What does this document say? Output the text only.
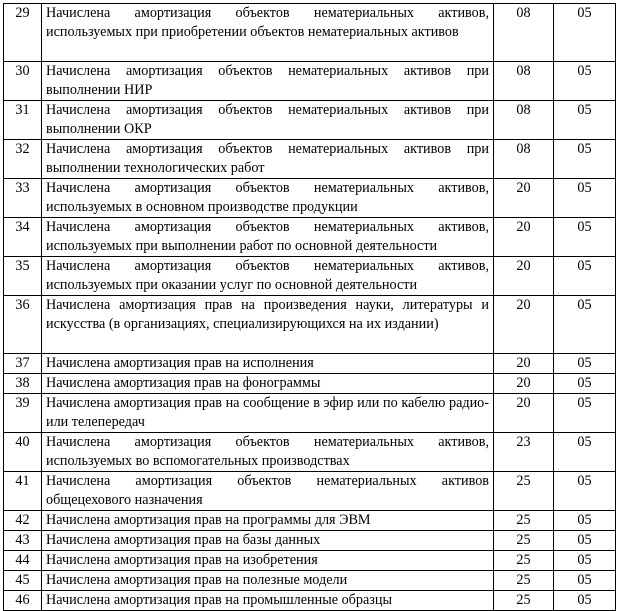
29	Начислена амортизация объектов нематериальных активов, используемых при приобретении объектов нематериальных активов	08	05
30	Начислена амортизация объектов нематериальных активов при выполнении НИР	08	05
31	Начислена амортизация объектов нематериальных активов при выполнении ОКР	08	05
32	Начислена амортизация объектов нематериальных активов при выполнении технологических работ	08	05
33	Начислена амортизация объектов нематериальных активов, используемых в основном производстве продукции	20	05
34	Начислена амортизация объектов нематериальных активов, используемых при выполнении работ по основной деятельности	20	05
35	Начислена амортизация объектов нематериальных активов, используемых при оказании услуг по основной деятельности	20	05
36	Начислена амортизация прав на произведения науки, литературы и искусства (в организациях, специализирующихся на их издании)	20	05
37	Начислена амортизация прав на исполнения	20	05
38	Начислена амортизация прав на фонограммы	20	05
39	Начислена амортизация прав на сообщение в эфир или по кабелю радио- или телепередач	20	05
40	Начислена амортизация объектов нематериальных активов, используемых во вспомогательных производствах	23	05
41	Начислена амортизация объектов нематериальных активов общецехового назначения	25	05
42	Начислена амортизация прав на программы для ЭВМ	25	05
43	Начислена амортизация прав на базы данных	25	05
44	Начислена амортизация прав на изобретения	25	05
45	Начислена амортизация прав на полезные модели	25	05
46	Начислена амортизация прав на промышленные образцы	25	05
